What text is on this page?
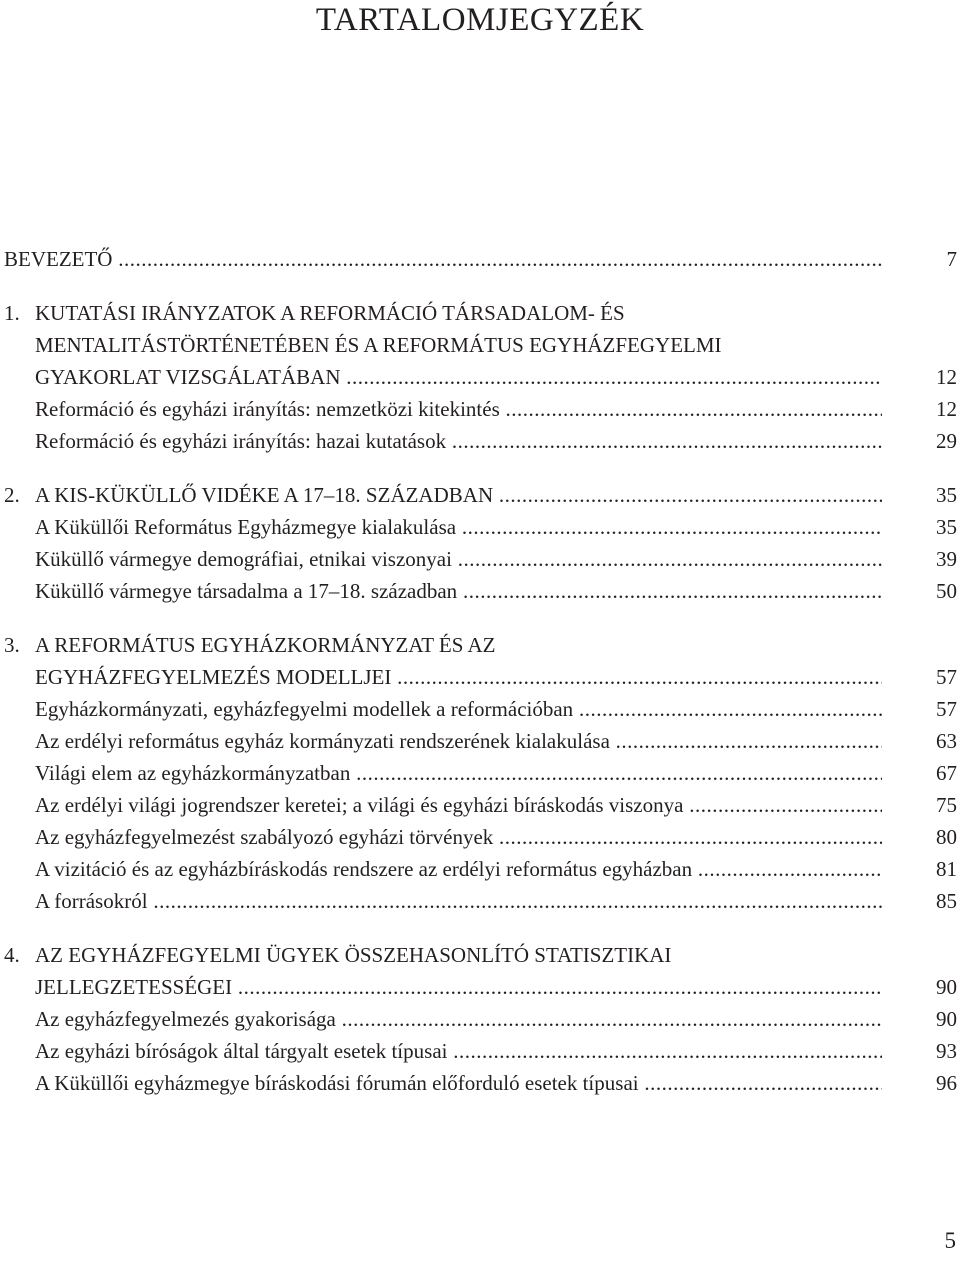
TARTALOMJEGYZÉK
BEVEZETŐ .....	7
1. KUTATÁSI IRÁNYZATOK A REFORMÁCIÓ TÁRSADALOM- ÉS
MENTALITÁSTÖRTÉNETÉBEN ÉS A REFORMÁTUS EGYHÁZFEGYELMI
GYAKORLAT VIZSGÁLATÁBAN .....	12
Reformáció és egyházi irányítás: nemzetközi kitekintés .....	12
Reformáció és egyházi irányítás: hazai kutatások .....	29
2. A KIS-KÜKÜLLŐ VIDÉKE A 17–18. SZÁZADBAN .....	35
A Küküllői Református Egyházmegye kialakulása .....	35
Küküllő vármegye demográfiai, etnikai viszonyai .....	39
Küküllő vármegye társadalma a 17–18. században .....	50
3. A REFORMÁTUS EGYHÁZKORMÁNYZAT ÉS AZ
EGYHÁZFEGYELMEZÉS MODELLJEI .....	57
Egyházkormányzati, egyházfegyelmi modellek a reformációban .....	57
Az erdélyi református egyház kormányzati rendszerének kialakulása .....	63
Világi elem az egyházkormányzatban .....	67
Az erdélyi világi jogrendszer keretei; a világi és egyházi bíráskodás viszonya .....	75
Az egyházfegyelmezést szabályozó egyházi törvények .....	80
A vizitáció és az egyházbíráskodás rendszere az erdélyi református egyházban .....	81
A forrásokról .....	85
4. AZ EGYHÁZFEGYELMI ÜGYEK ÖSSZEHASONLÍTÓ STATISZTIKAI
JELLEGZETESSÉGEI .....	90
Az egyházfegyelmezés gyakorisága .....	90
Az egyházi bíróságok által tárgyalt esetek típusai .....	93
A Küküllői egyházmegye bíráskodási fórumán előforduló esetek típusai .....	96
5
